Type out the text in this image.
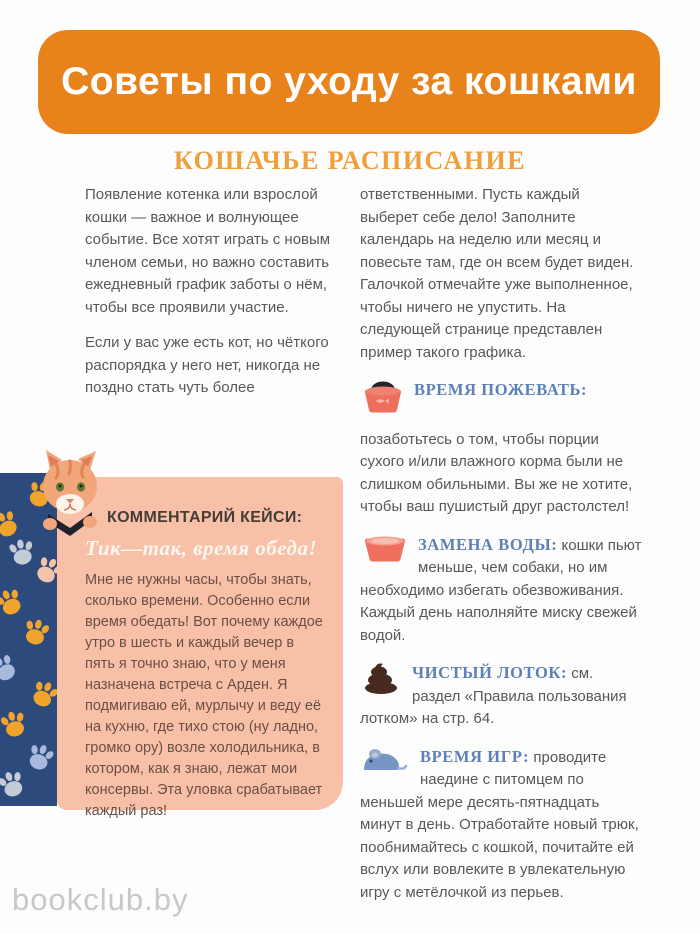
Советы по уходу за кошками
КОШАЧЬЕ РАСПИСАНИЕ

Появление котенка или взрослой кошки — важное и волнующее событие. Все хотят играть с новым членом семьи, но важно составить ежедневный график заботы о нём, чтобы все проявили участие.

Если у вас уже есть кот, но чёткого распорядка у него нет, никогда не поздно стать чуть более

ответственными. Пусть каждый выберет себе дело! Заполните календарь на неделю или месяц и повесьте там, где он всем будет виден. Галочкой отмечайте уже выполненное, чтобы ничего не упустить. На следующей странице представлен пример такого графика.

ВРЕМЯ ПОЖЕВАТЬ:
позаботьтесь о том, чтобы порции сухого и/или влажного корма были не слишком обильными. Вы же не хотите, чтобы ваш пушистый друг растолстел!
ЗАМЕНА ВОДЫ: кошки пьют меньше, чем собаки, но им необходимо избегать обезвоживания. Каждый день наполняйте миску свежей водой.
ЧИСТЫЙ ЛОТОК: см. раздел «Правила пользования лотком» на стр. 64.
ВРЕМЯ ИГР: проводите наедине с питомцем по меньшей мере десять-пятнадцать минут в день. Отработайте новый трюк, пообнимайтесь с кошкой, почитайте ей вслух или вовлеките в увлекательную игру с метёлочкой из перьев.
КОММЕНТАРИЙ КЕЙСИ:
Тик—так, время обеда!
Мне не нужны часы, чтобы знать, сколько времени. Особенно если время обедать! Вот почему каждое утро в шесть и каждый вечер в пять я точно знаю, что у меня назначена встреча с Арден. Я подмигиваю ей, мурлычу и веду её на кухню, где тихо стою (ну ладно, громко ору) возле холодильника, в котором, как я знаю, лежат мои консервы. Эта уловка срабатывает каждый раз!
bookclub.by
